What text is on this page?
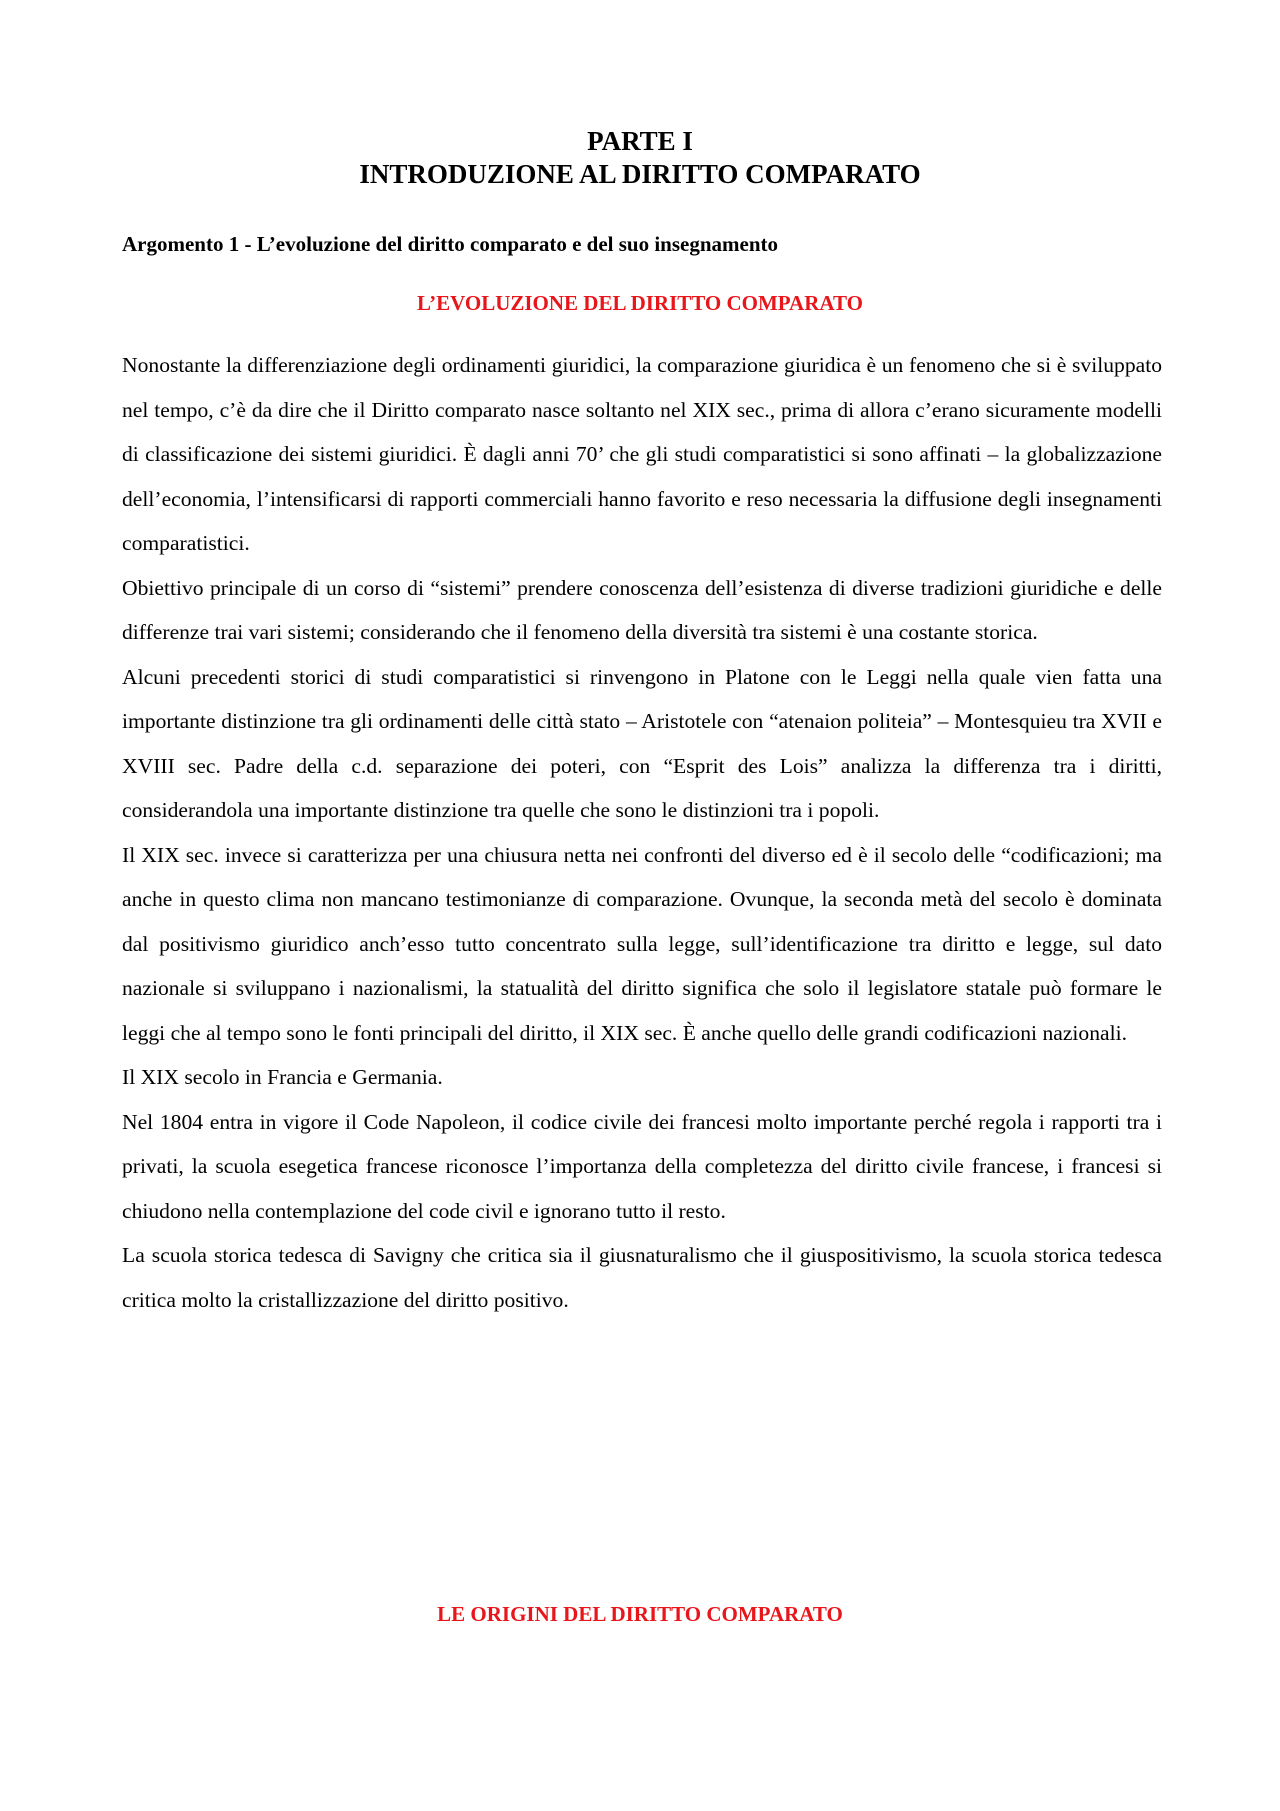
PARTE I
INTRODUZIONE AL DIRITTO COMPARATO
Argomento 1 - L’evoluzione del diritto comparato e del suo insegnamento
L’EVOLUZIONE DEL DIRITTO COMPARATO

Nonostante la differenziazione degli ordinamenti giuridici, la comparazione giuridica è un fenomeno che si è sviluppato nel tempo, c’è da dire che il Diritto comparato nasce soltanto nel XIX sec., prima di allora c’erano sicuramente modelli di classificazione dei sistemi giuridici. È dagli anni 70’ che gli studi comparatistici si sono affinati – la globalizzazione dell’economia, l’intensificarsi di rapporti commerciali hanno favorito e reso necessaria la diffusione degli insegnamenti comparatistici.

Obiettivo principale di un corso di “sistemi” prendere conoscenza dell’esistenza di diverse tradizioni giuridiche e delle differenze trai vari sistemi; considerando che il fenomeno della diversità tra sistemi è una costante storica.

Alcuni precedenti storici di studi comparatistici si rinvengono in Platone con le Leggi nella quale vien fatta una importante distinzione tra gli ordinamenti delle città stato – Aristotele con “atenaion politeia” – Montesquieu tra XVII e XVIII sec. Padre della c.d. separazione dei poteri, con “Esprit des Lois” analizza la differenza tra i diritti, considerandola una importante distinzione tra quelle che sono le distinzioni tra i popoli.

Il XIX sec. invece si caratterizza per una chiusura netta nei confronti del diverso ed è il secolo delle “codificazioni; ma anche in questo clima non mancano testimonianze di comparazione. Ovunque, la seconda metà del secolo è dominata dal positivismo giuridico anch’esso tutto concentrato sulla legge, sull’identificazione tra diritto e legge, sul dato nazionale si sviluppano i nazionalismi, la statualità del diritto significa che solo il legislatore statale può formare le leggi che al tempo sono le fonti principali del diritto, il XIX sec. È anche quello delle grandi codificazioni nazionali.

Il XIX secolo in Francia e Germania.

Nel 1804 entra in vigore il Code Napoleon, il codice civile dei francesi molto importante perché regola i rapporti tra i privati, la scuola esegetica francese riconosce l’importanza della completezza del diritto civile francese, i francesi si chiudono nella contemplazione del code civil e ignorano tutto il resto.

La scuola storica tedesca di Savigny che critica sia il giusnaturalismo che il giuspositivismo, la scuola storica tedesca critica molto la cristallizzazione del diritto positivo.

LE ORIGINI DEL DIRITTO COMPARATO
